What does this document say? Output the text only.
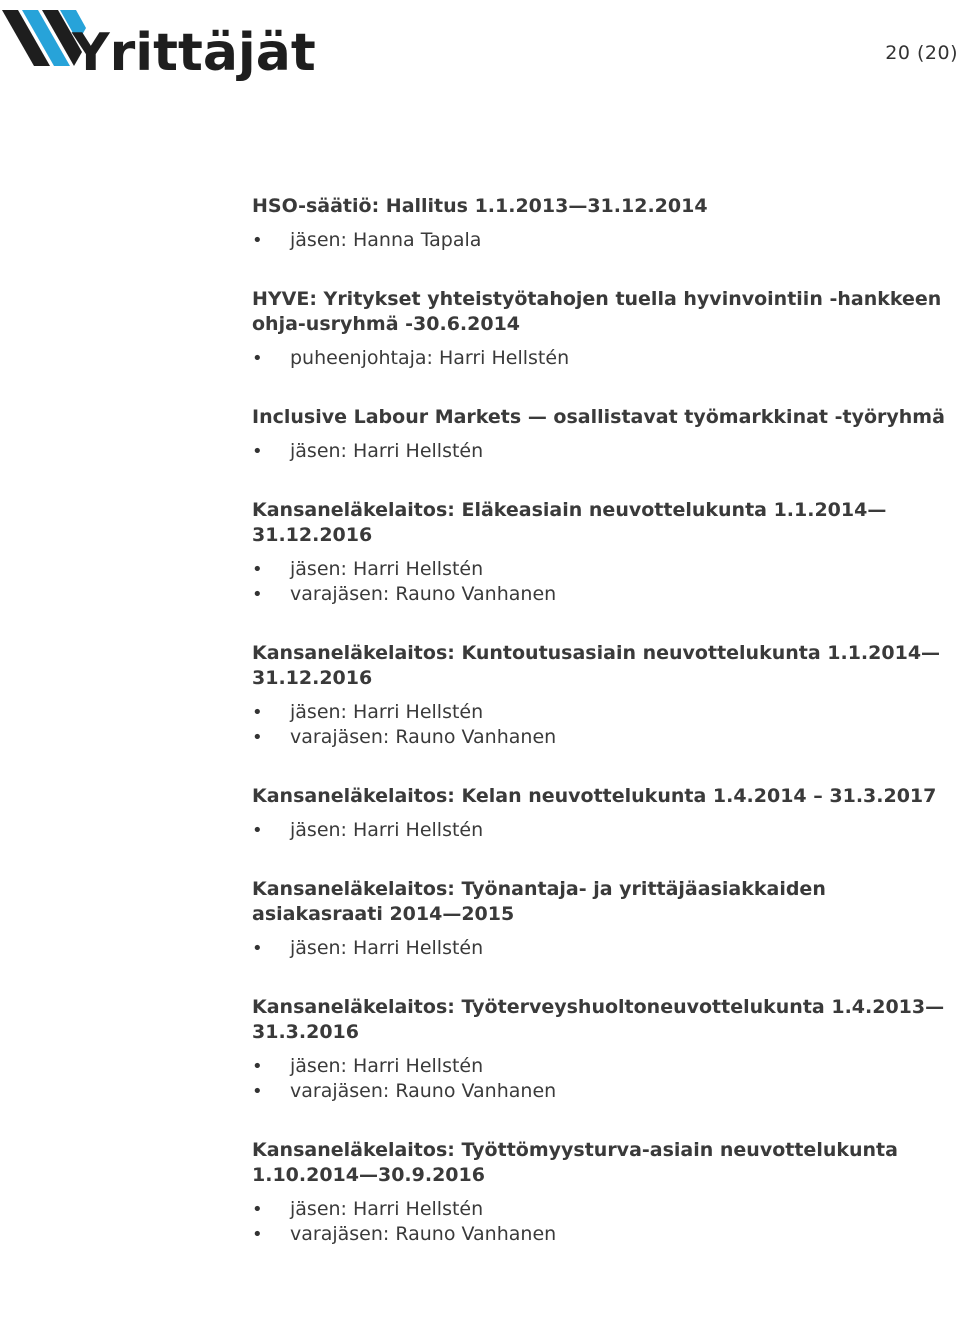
Yrittäjät	20 (20)
HSO-säätiö: Hallitus 1.1.2013—31.12.2014
• jäsen: Hanna Tapala
HYVE: Yritykset yhteistyötahojen tuella hyvinvointiin -hankkeen ohja-usryhmä -30.6.2014
• puheenjohtaja: Harri Hellstén
Inclusive Labour Markets — osallistavat työmarkkinat -työryhmä
• jäsen: Harri Hellstén
Kansaneläkelaitos: Eläkeasiain neuvottelukunta 1.1.2014—31.12.2016
• jäsen: Harri Hellstén
• varajäsen: Rauno Vanhanen
Kansaneläkelaitos: Kuntoutusasiain neuvottelukunta 1.1.2014—31.12.2016
• jäsen: Harri Hellstén
• varajäsen: Rauno Vanhanen
Kansaneläkelaitos: Kelan neuvottelukunta 1.4.2014 – 31.3.2017
• jäsen: Harri Hellstén
Kansaneläkelaitos: Työnantaja- ja yrittäjäasiakkaiden asiakasraati 2014—2015
• jäsen: Harri Hellstén
Kansaneläkelaitos: Työterveyshuoltoneuvottelukunta 1.4.2013—31.3.2016
• jäsen: Harri Hellstén
• varajäsen: Rauno Vanhanen
Kansaneläkelaitos: Työttömyysturva-asiain neuvottelukunta 1.10.2014—30.9.2016
• jäsen: Harri Hellstén
• varajäsen: Rauno Vanhanen
